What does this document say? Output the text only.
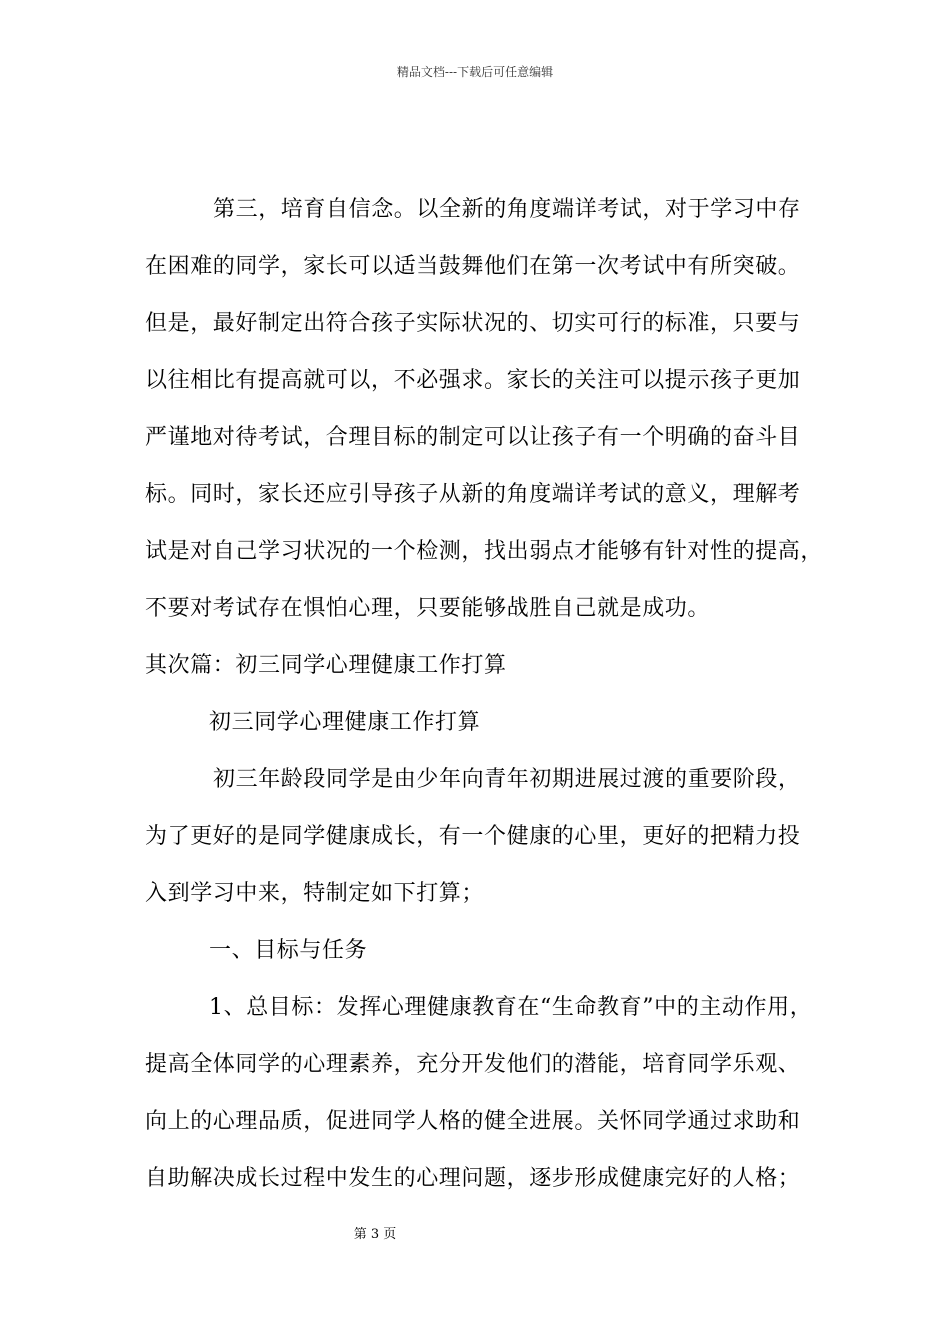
精品文档---下载后可任意编辑
第三，培育自信念。以全新的角度端详考试，对于学习中存
在困难的同学，家长可以适当鼓舞他们在第一次考试中有所突破。
但是，最好制定出符合孩子实际状况的、切实可行的标准，只要与
以往相比有提高就可以，不必强求。家长的关注可以提示孩子更加
严谨地对待考试，合理目标的制定可以让孩子有一个明确的奋斗目
标。同时，家长还应引导孩子从新的角度端详考试的意义，理解考
试是对自己学习状况的一个检测，找出弱点才能够有针对性的提高，
不要对考试存在惧怕心理，只要能够战胜自己就是成功。
其次篇：初三同学心理健康工作打算
初三同学心理健康工作打算
初三年龄段同学是由少年向青年初期进展过渡的重要阶段，
为了更好的是同学健康成长，有一个健康的心里，更好的把精力投
入到学习中来，特制定如下打算；
一、目标与任务
1、总目标：发挥心理健康教育在“生命教育”中的主动作用，
提高全体同学的心理素养，充分开发他们的潜能，培育同学乐观、
向上的心理品质，促进同学人格的健全进展。关怀同学通过求助和
自助解决成长过程中发生的心理问题，逐步形成健康完好的人格；
第 3 页
